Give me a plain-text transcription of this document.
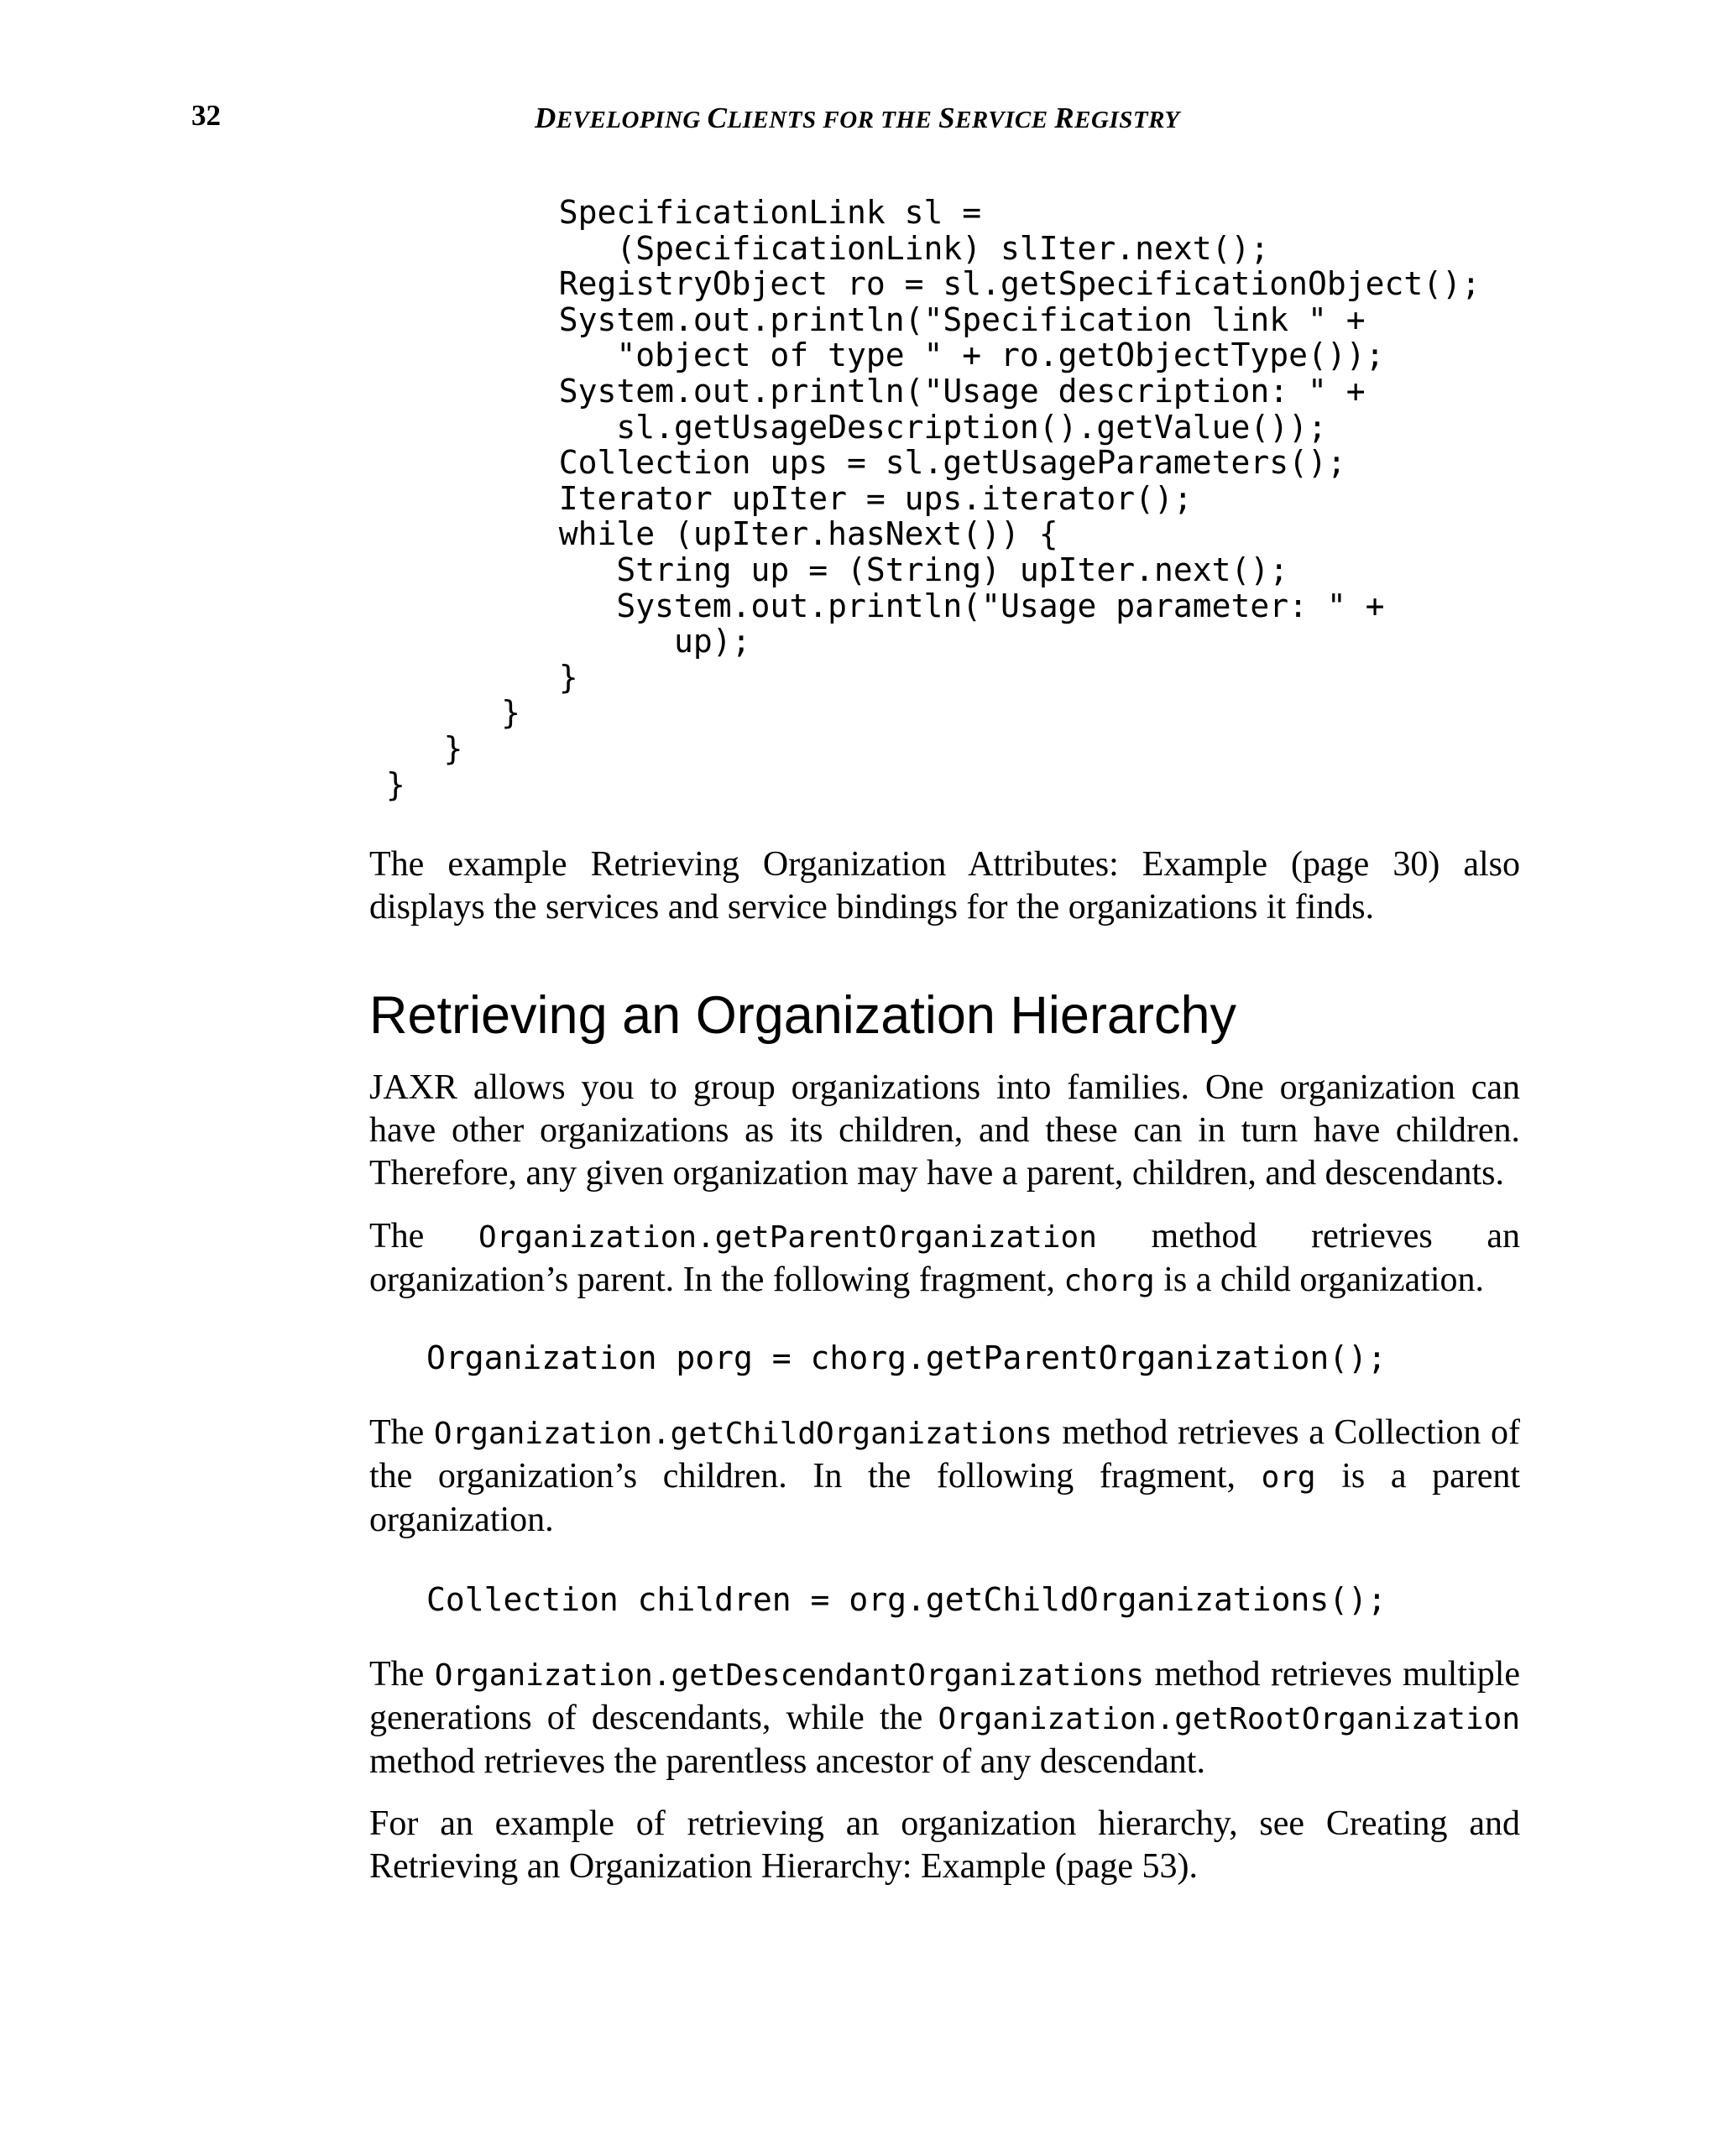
32	DEVELOPING CLIENTS FOR THE SERVICE REGISTRY
SpecificationLink sl =
(SpecificationLink) slIter.next();
RegistryObject ro = sl.getSpecificationObject();
System.out.println("Specification link " +
"object of type " + ro.getObjectType());
System.out.println("Usage description: " +
sl.getUsageDescription().getValue());
Collection ups = sl.getUsageParameters();
Iterator upIter = ups.iterator();
while (upIter.hasNext()) {
String up = (String) upIter.next();
System.out.println("Usage parameter: " +
up);
}
}
}
}

The example Retrieving Organization Attributes: Example (page 30) also displays the services and service bindings for the organizations it finds.

Retrieving an Organization Hierarchy

JAXR allows you to group organizations into families. One organization can have other organizations as its children, and these can in turn have children. Therefore, any given organization may have a parent, children, and descendants.

The Organization.getParentOrganization method retrieves an organization’s parent. In the following fragment, chorg is a child organization.

Organization porg = chorg.getParentOrganization();

The Organization.getChildOrganizations method retrieves a Collection of the organization’s children. In the following fragment, org is a parent organization.

Collection children = org.getChildOrganizations();

The Organization.getDescendantOrganizations method retrieves multiple generations of descendants, while the Organization.getRootOrganization method retrieves the parentless ancestor of any descendant.

For an example of retrieving an organization hierarchy, see Creating and Retrieving an Organization Hierarchy: Example (page 53).
